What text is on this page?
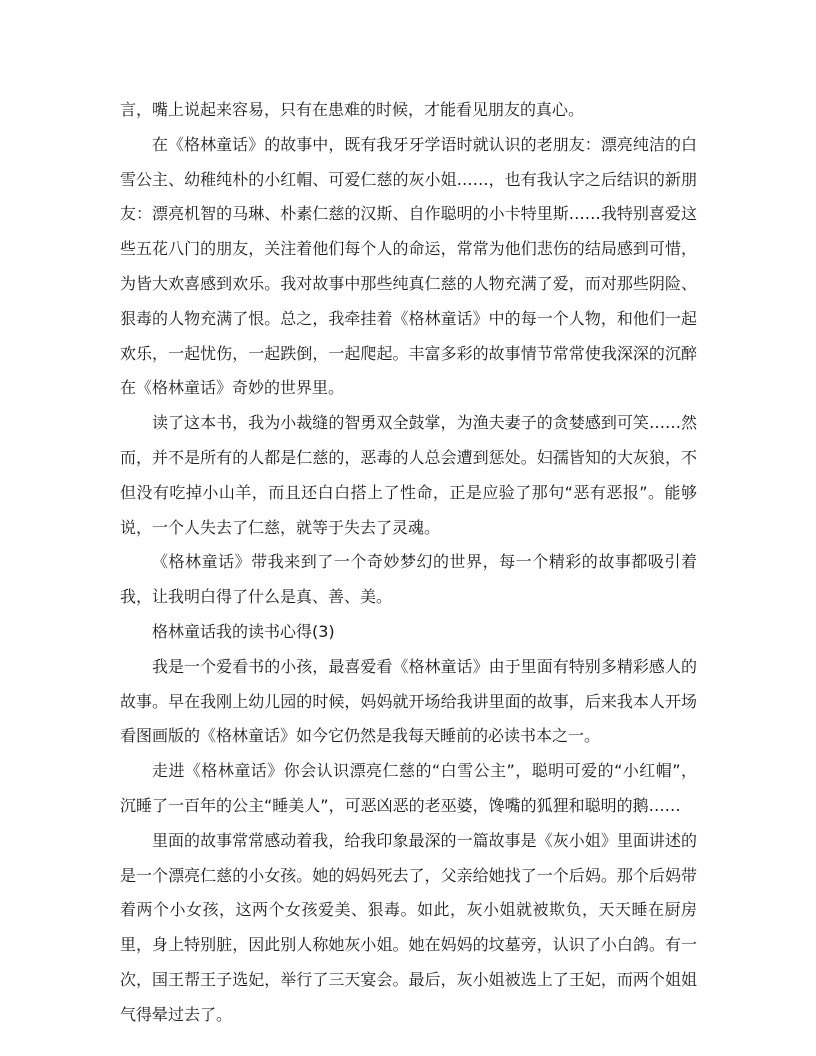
言，嘴上说起来容易，只有在患难的时候，才能看见朋友的真心。

在《格林童话》的故事中，既有我牙牙学语时就认识的老朋友：漂亮纯洁的白雪公主、幼稚纯朴的小红帽、可爱仁慈的灰小姐……，也有我认字之后结识的新朋友：漂亮机智的马琳、朴素仁慈的汉斯、自作聪明的小卡特里斯……我特别喜爱这些五花八门的朋友，关注着他们每个人的命运，常常为他们悲伤的结局感到可惜，为皆大欢喜感到欢乐。我对故事中那些纯真仁慈的人物充满了爱，而对那些阴险、狠毒的人物充满了恨。总之，我牵挂着《格林童话》中的每一个人物，和他们一起欢乐，一起忧伤，一起跌倒，一起爬起。丰富多彩的故事情节常常使我深深的沉醉在《格林童话》奇妙的世界里。

读了这本书，我为小裁缝的智勇双全鼓掌，为渔夫妻子的贪婪感到可笑……然而，并不是所有的人都是仁慈的，恶毒的人总会遭到惩处。妇孺皆知的大灰狼，不但没有吃掉小山羊，而且还白白搭上了性命，正是应验了那句“恶有恶报”。能够说，一个人失去了仁慈，就等于失去了灵魂。

《格林童话》带我来到了一个奇妙梦幻的世界，每一个精彩的故事都吸引着我，让我明白得了什么是真、善、美。

格林童话我的读书心得(3)

我是一个爱看书的小孩，最喜爱看《格林童话》由于里面有特别多精彩感人的故事。早在我刚上幼儿园的时候，妈妈就开场给我讲里面的故事，后来我本人开场看图画版的《格林童话》如今它仍然是我每天睡前的必读书本之一。

走进《格林童话》你会认识漂亮仁慈的“白雪公主”，聪明可爱的“小红帽”，沉睡了一百年的公主“睡美人”，可恶凶恶的老巫婆，馋嘴的狐狸和聪明的鹅……

里面的故事常常感动着我，给我印象最深的一篇故事是《灰小姐》里面讲述的是一个漂亮仁慈的小女孩。她的妈妈死去了，父亲给她找了一个后妈。那个后妈带着两个小女孩，这两个女孩爱美、狠毒。如此，灰小姐就被欺负，天天睡在厨房里，身上特别脏，因此别人称她灰小姐。她在妈妈的坟墓旁，认识了小白鸽。有一次，国王帮王子选妃，举行了三天宴会。最后，灰小姐被选上了王妃，而两个姐姐气得晕过去了。
